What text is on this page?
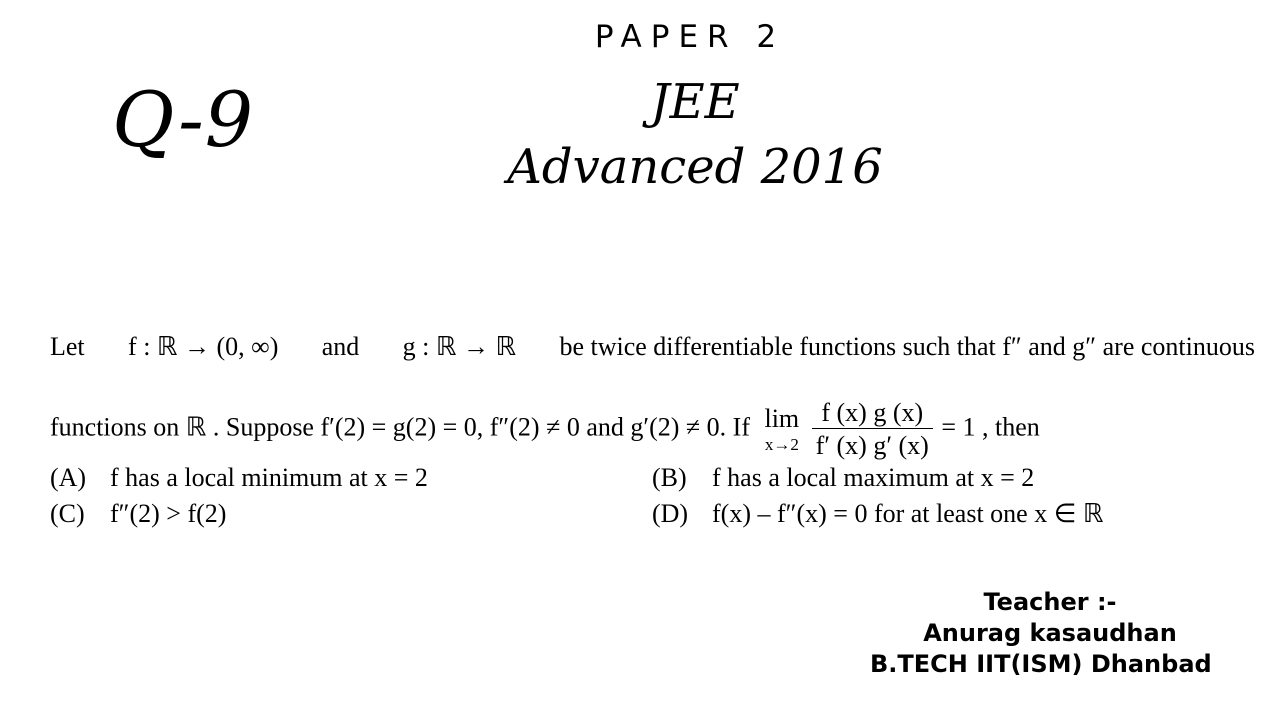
Q-9
PAPER 2
JEE
Advanced 2016
Let f : ℝ → (0, ∞) and g : ℝ → ℝ be twice differentiable functions such that f″ and g″ are continuous
functions on ℝ . Suppose f′(2) = g(2) = 0, f″(2) ≠ 0 and g′(2) ≠ 0. If lim
x→2
$\frac{f (x) g (x)}{f' (x) g' (x)} = 1$ , then
(A) f has a local minimum at x = 2	(B) f has a local maximum at x = 2
(C) f″(2) > f(2)	(D) f(x) – f″(x) = 0 for at least one x ∈ ℝ
Teacher :-
Anurag kasaudhan
B.TECH IIT(ISM) Dhanbad
